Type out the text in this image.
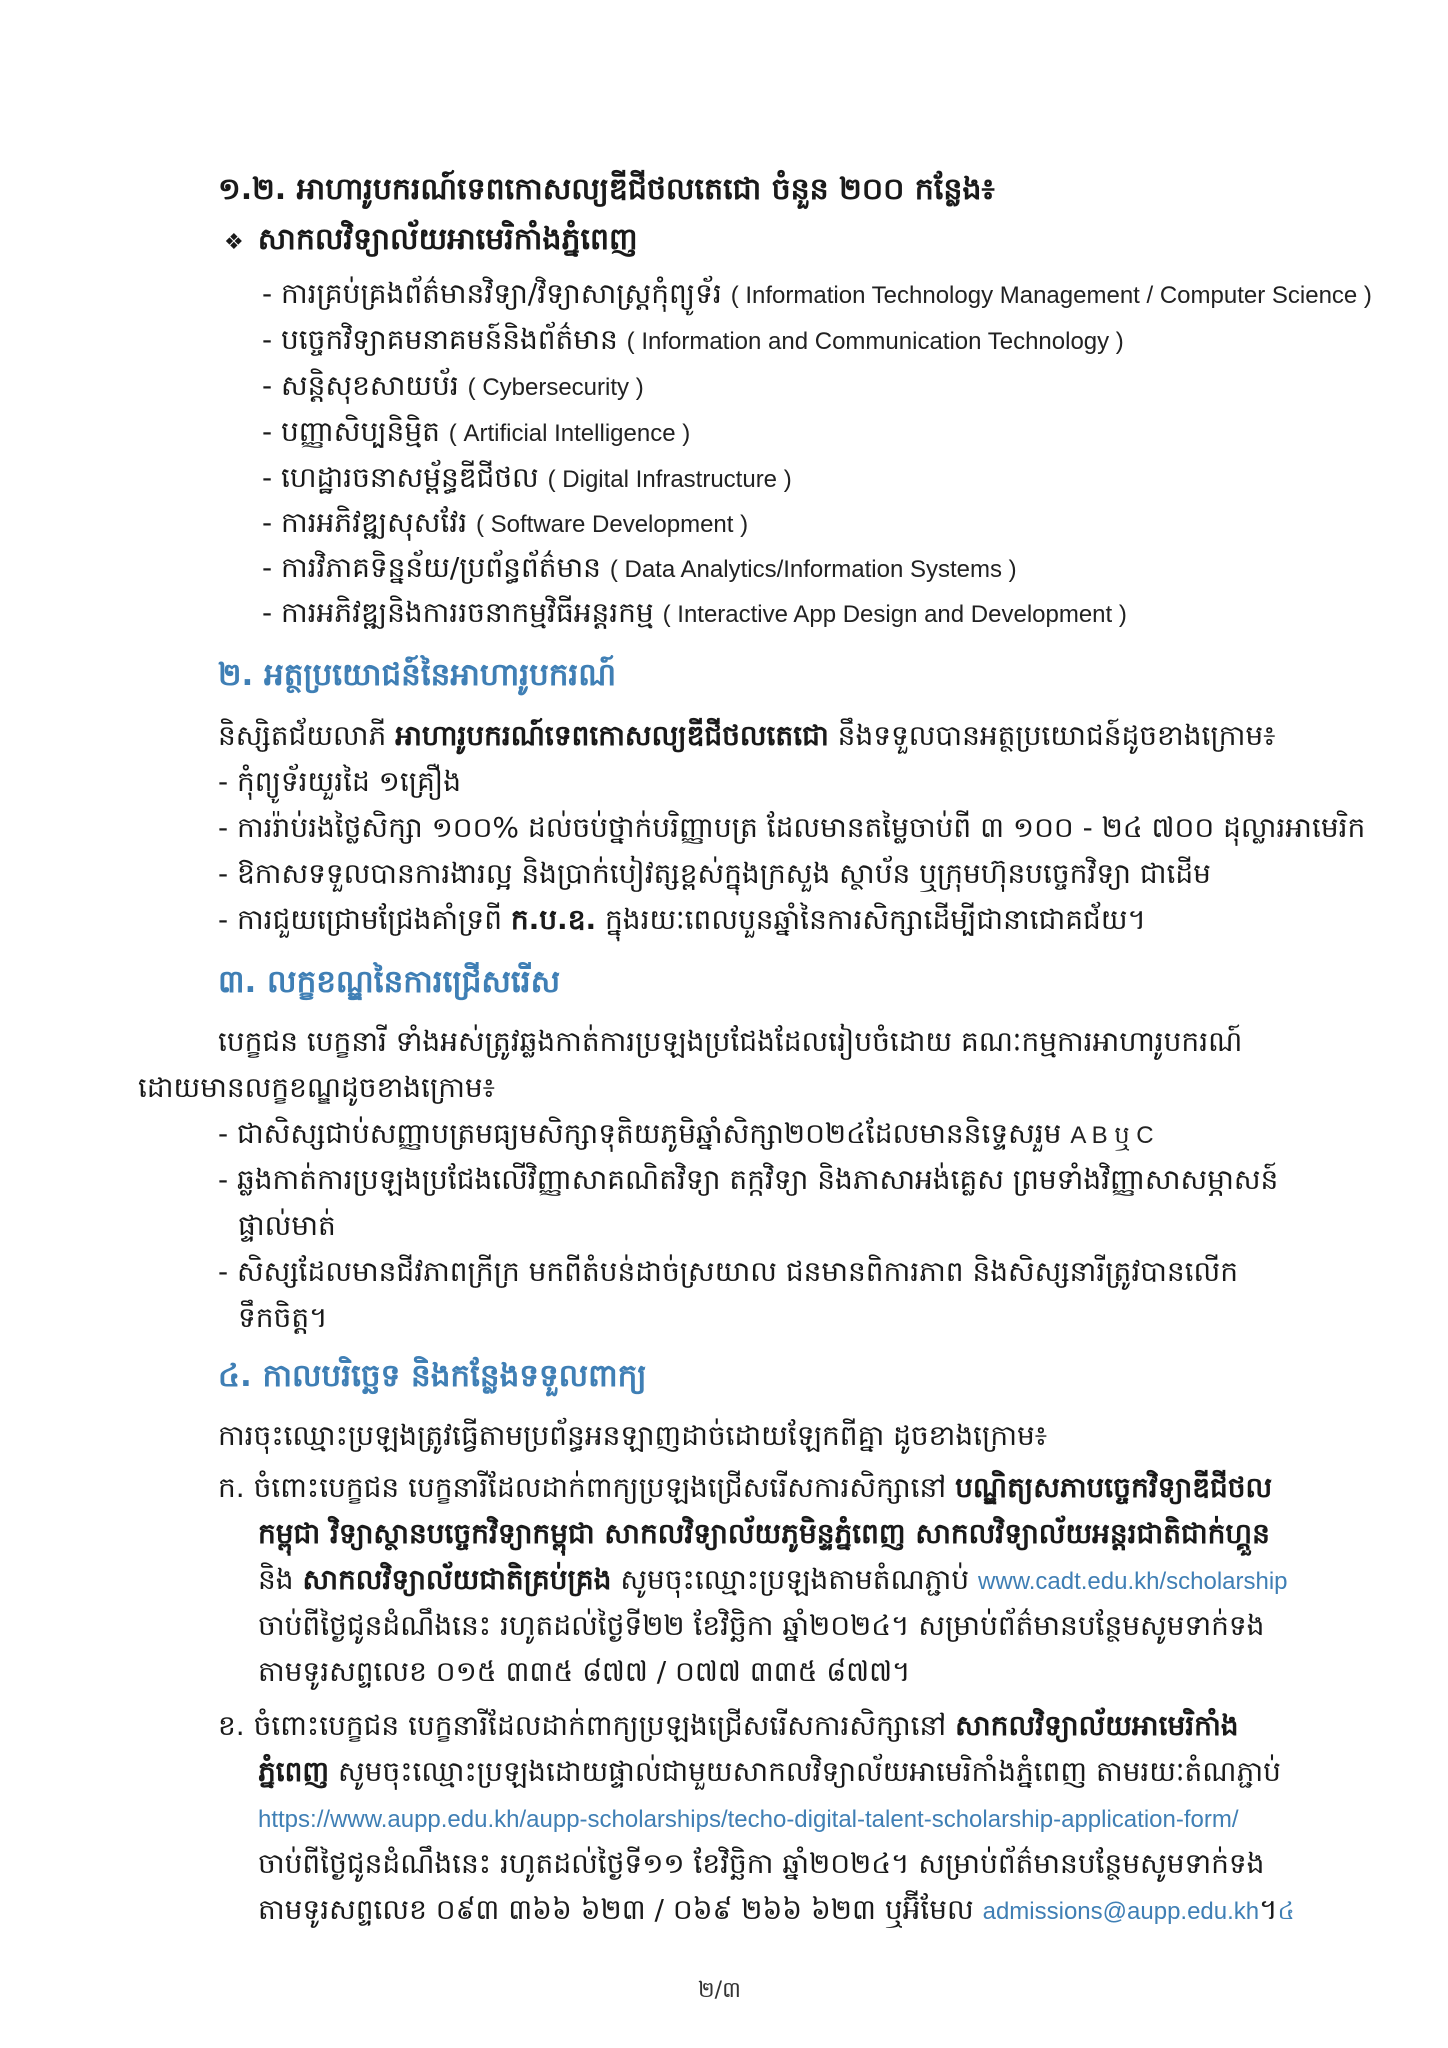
១.២. អាហារូបករណ៍ទេពកោសល្យឌីជីថលតេជោ ចំនួន ២០០ កន្លែង៖
❖ សាកលវិទ្យាល័យអាមេរិកាំងភ្នំពេញ
- ការគ្រប់គ្រងព័ត៌មានវិទ្យា/វិទ្យាសាស្ត្រកុំព្យូទ័រ ( Information Technology Management / Computer Science )
- បច្ចេកវិទ្យាគមនាគមន៍និងព័ត៌មាន ( Information and Communication Technology )
- សន្តិសុខសាយប័រ ( Cybersecurity )
- បញ្ញាសិប្បនិម្មិត ( Artificial Intelligence )
- ហេដ្ឋារចនាសម្ព័ន្ធឌីជីថល ( Digital Infrastructure )
- ការអភិវឌ្ឍសុសវែរ ( Software Development )
- ការវិភាគទិន្នន័យ/ប្រព័ន្ធព័ត៌មាន ( Data Analytics/Information Systems )
- ការអភិវឌ្ឍនិងការរចនាកម្មវិធីអន្តរកម្ម ( Interactive App Design and Development )
២. អត្ថប្រយោជន៍នៃអាហារូបករណ៍
និស្សិតជ័យលាភី អាហារូបករណ៍ទេពកោសល្យឌីជីថលតេជោ នឹងទទួលបានអត្ថប្រយោជន៍ដូចខាងក្រោម៖
- កុំព្យូទ័រយួរដៃ ១គ្រឿង
- ការរ៉ាប់រងថ្លៃសិក្សា ១០០% ដល់ចប់ថ្នាក់បរិញ្ញាបត្រ ដែលមានតម្លៃចាប់ពី ៣ ១០០ - ២៤ ៧០០ ដុល្លារអាមេរិក
- ឱកាសទទួលបានការងារល្អ និងប្រាក់បៀវត្សខ្ពស់ក្នុងក្រសួង ស្ថាប័ន ឬក្រុមហ៊ុនបច្ចេកវិទ្យា ជាដើម
- ការជួយជ្រោមជ្រែងគាំទ្រពី ក.ប.ឧ. ក្នុងរយៈពេលបួនឆ្នាំនៃការសិក្សាដើម្បីជានាជោគជ័យ។
៣. លក្ខខណ្ឌនៃការជ្រើសរើស
បេក្ខជន បេក្ខនារី ទាំងអស់ត្រូវឆ្លងកាត់ការប្រឡងប្រជែងដែលរៀបចំដោយ គណៈកម្មការអាហារូបករណ៍
ដោយមានលក្ខខណ្ឌដូចខាងក្រោម៖
- ជាសិស្សជាប់សញ្ញាបត្រមធ្យមសិក្សាទុតិយភូមិឆ្នាំសិក្សា២០២៤ដែលមាននិទ្ទេសរួម A B ឬ C
- ឆ្លងកាត់ការប្រឡងប្រជែងលើវិញ្ញាសាគណិតវិទ្យា តក្កវិទ្យា និងភាសាអង់គ្លេស ព្រមទាំងវិញ្ញាសាសម្ភាសន៍
ផ្ទាល់មាត់
- សិស្សដែលមានជីវភាពក្រីក្រ មកពីតំបន់ដាច់ស្រយាល ជនមានពិការភាព និងសិស្សនារីត្រូវបានលើក
ទឹកចិត្ត។
៤. កាលបរិច្ឆេទ និងកន្លែងទទួលពាក្យ
ការចុះឈ្មោះប្រឡងត្រូវធ្វើតាមប្រព័ន្ធអនឡាញដាច់ដោយឡែកពីគ្នា ដូចខាងក្រោម៖
ក. ចំពោះបេក្ខជន បេក្ខនារីដែលដាក់ពាក្យប្រឡងជ្រើសរើសការសិក្សានៅ បណ្ឌិត្យសភាបច្ចេកវិទ្យាឌីជីថល
កម្ពុជា វិទ្យាស្ថានបច្ចេកវិទ្យាកម្ពុជា សាកលវិទ្យាល័យភូមិន្ទភ្នំពេញ សាកលវិទ្យាល័យអន្តរជាតិជាក់ហ្គួន
និង សាកលវិទ្យាល័យជាតិគ្រប់គ្រង សូមចុះឈ្មោះប្រឡងតាមតំណភ្ជាប់ www.cadt.edu.kh/scholarship
ចាប់ពីថ្ងៃជូនដំណឹងនេះ រហូតដល់ថ្ងៃទី២២ ខែវិច្ឆិកា ឆ្នាំ២០២៤។ សម្រាប់ព័ត៌មានបន្ថែមសូមទាក់ទង
តាមទូរសព្ទលេខ ០១៥ ៣៣៥ ៨៧៧ / ០៧៧ ៣៣៥ ៨៧៧។
ខ. ចំពោះបេក្ខជន បេក្ខនារីដែលដាក់ពាក្យប្រឡងជ្រើសរើសការសិក្សានៅ សាកលវិទ្យាល័យអាមេរិកាំង
ភ្នំពេញ សូមចុះឈ្មោះប្រឡងដោយផ្ទាល់ជាមួយសាកលវិទ្យាល័យអាមេរិកាំងភ្នំពេញ តាមរយៈតំណភ្ជាប់
https://www.aupp.edu.kh/aupp-scholarships/techo-digital-talent-scholarship-application-form/
ចាប់ពីថ្ងៃជូនដំណឹងនេះ រហូតដល់ថ្ងៃទី១១ ខែវិច្ឆិកា ឆ្នាំ២០២៤។ សម្រាប់ព័ត៌មានបន្ថែមសូមទាក់ទង
តាមទូរសព្ទលេខ ០៩៣ ៣៦៦ ៦២៣ / ០៦៩ ២៦៦ ៦២៣ ឬអ៊ីមែល admissions@aupp.edu.kh។៤
២/៣
